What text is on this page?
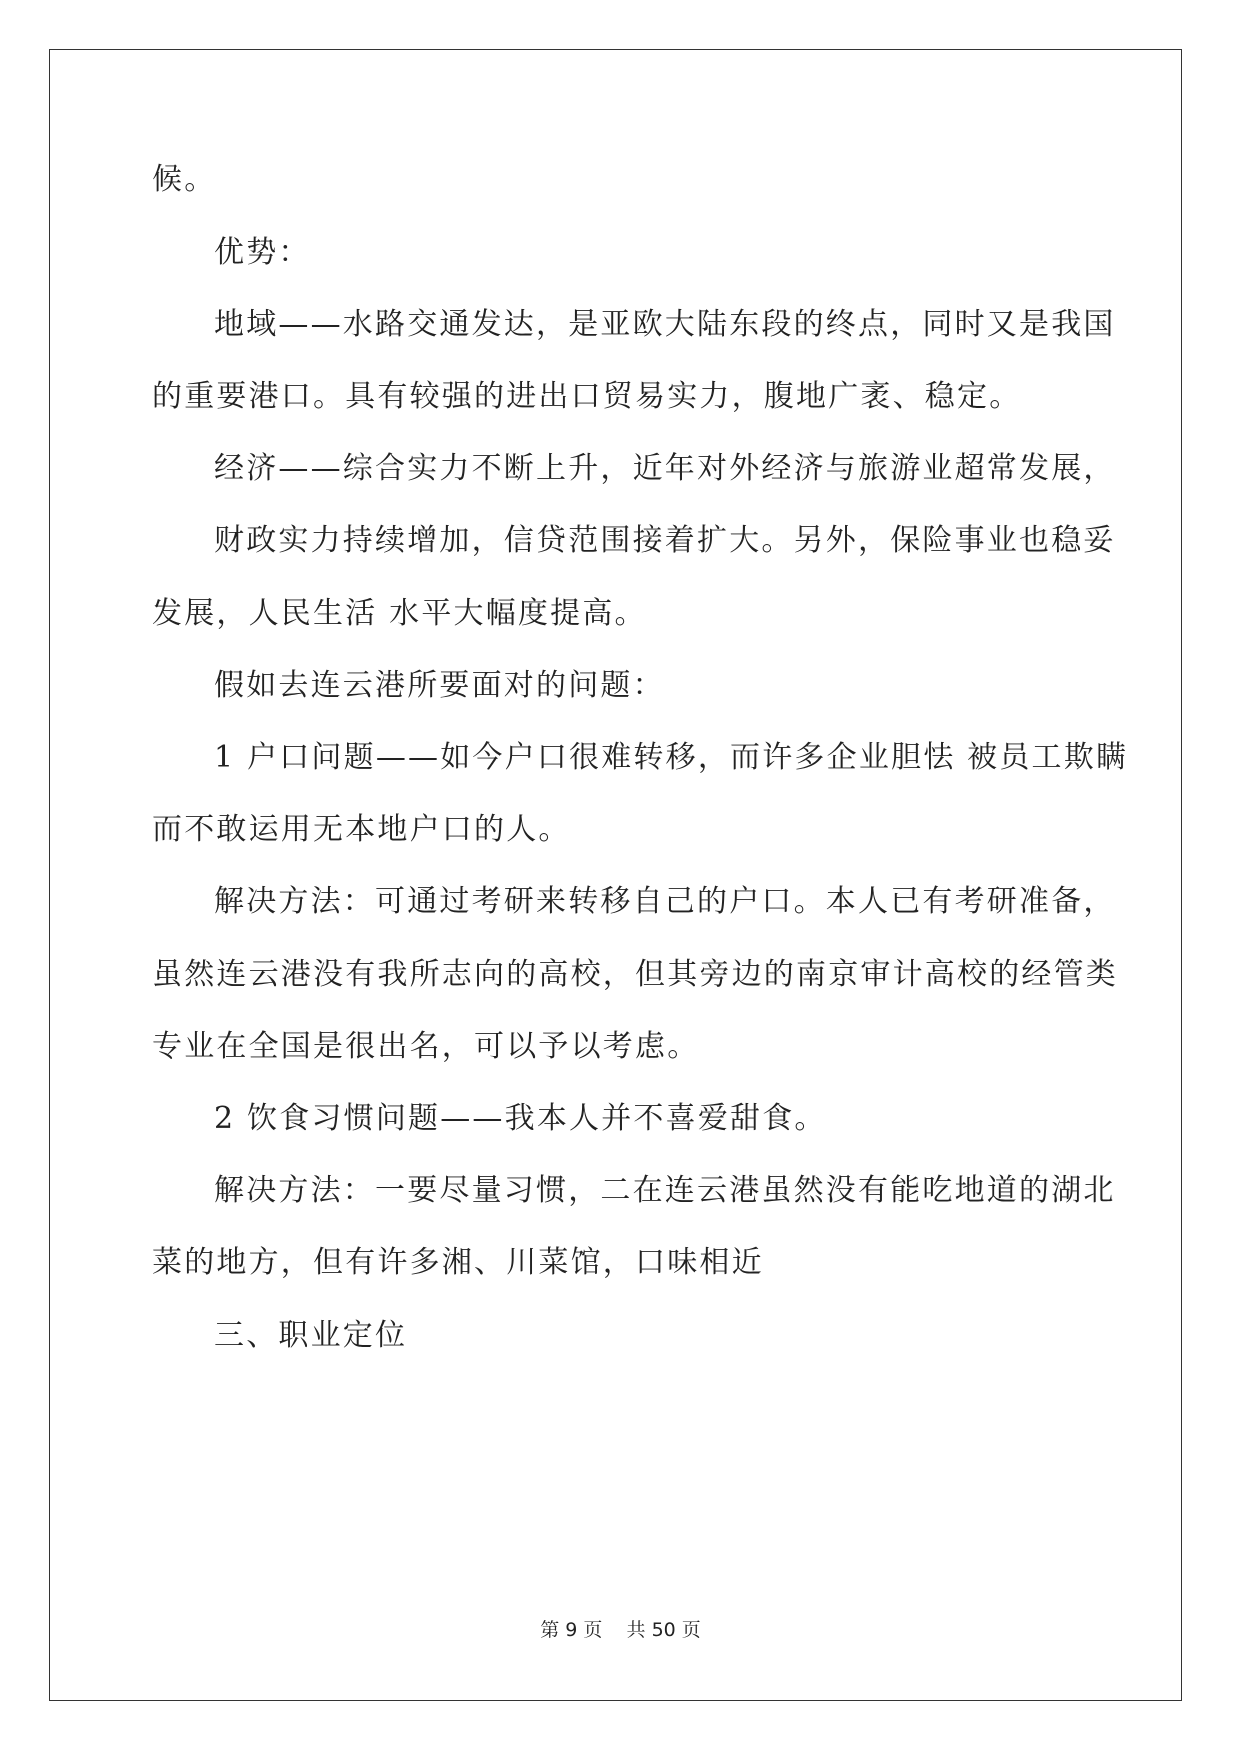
候。
优势：
地域——水路交通发达，是亚欧大陆东段的终点，同时又是我国
的重要港口。具有较强的进出口贸易实力，腹地广袤、稳定。
经济——综合实力不断上升，近年对外经济与旅游业超常发展，
财政实力持续增加，信贷范围接着扩大。另外，保险事业也稳妥
发展，人民生活 水平大幅度提高。
假如去连云港所要面对的问题：
1 户口问题——如今户口很难转移，而许多企业胆怯 被员工欺瞒
而不敢运用无本地户口的人。
解决方法：可通过考研来转移自己的户口。本人已有考研准备，
虽然连云港没有我所志向的高校，但其旁边的南京审计高校的经管类
专业在全国是很出名，可以予以考虑。
2 饮食习惯问题——我本人并不喜爱甜食。
解决方法：一要尽量习惯，二在连云港虽然没有能吃地道的湖北
菜的地方，但有许多湘、川菜馆，口味相近
三、职业定位
第 9 页    共 50 页
